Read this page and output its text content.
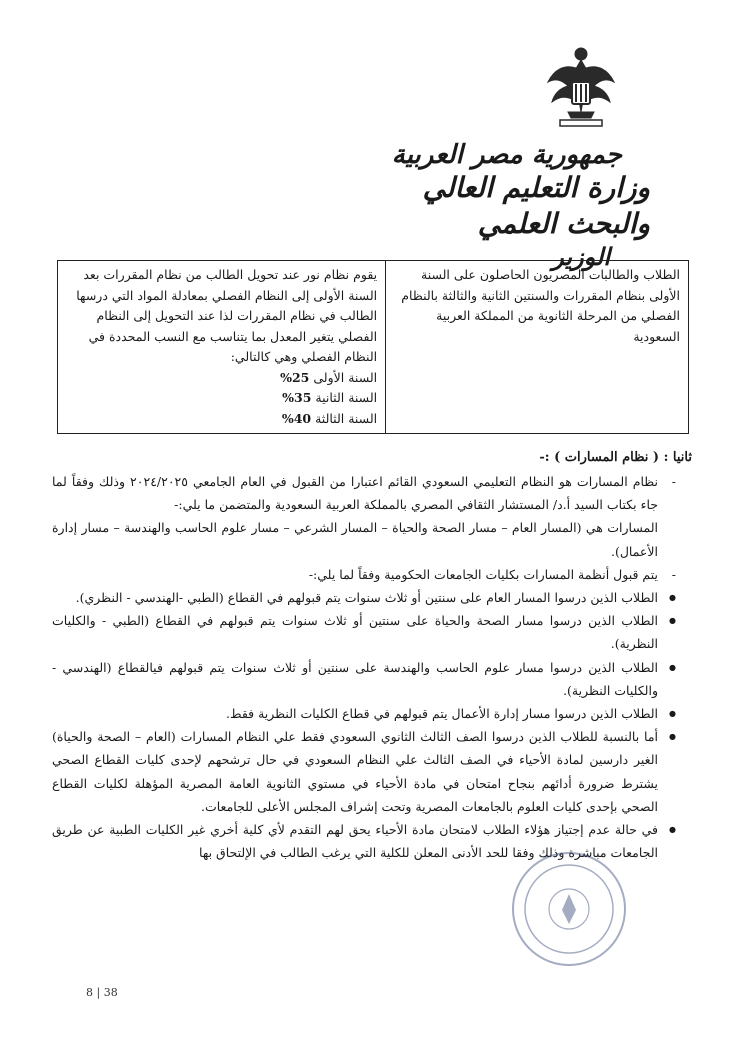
جمهورية مصر العربية
وزارة التعليم العالي والبحث العلمي
الوزير
الطلاب والطالبات المصريون الحاصلون على السنة الأولى بنظام المقررات والسنتين الثانية والثالثة بالنظام الفصلي من المرحلة الثانوية من المملكة العربية السعودية	يقوم نظام نور عند تحويل الطالب من نظام المقررات بعد السنة الأولى إلى النظام الفصلي بمعادلة المواد التي درسها الطالب في نظام المقررات لذا عند التحويل إلى النظام الفصلي يتغير المعدل بما يتناسب مع النسب المحددة في النظام الفصلي وهي كالتالي:
السنة الأولى 25%
السنة الثانية 35%
السنة الثالثة 40%
ثانيا : ( نظام المسارات ) :-
- نظام المسارات هو النظام التعليمي السعودي القائم اعتبارا من القبول في العام الجامعي ٢٠٢٤/٢٠٢٥ وذلك وفقاً لما جاء بكتاب السيد أ.د/ المستشار الثقافي المصري بالمملكة العربية السعودية والمتضمن ما يلي:-
المسارات هي (المسار العام – مسار الصحة والحياة – المسار الشرعي – مسار علوم الحاسب والهندسة – مسار إدارة الأعمال).
- يتم قبول أنظمة المسارات بكليات الجامعات الحكومية وفقاً لما يلي:-
● الطلاب الذين درسوا المسار العام على سنتين أو ثلاث سنوات يتم قبولهم في القطاع (الطبي -الهندسي - النظري).
● الطلاب الذين درسوا مسار الصحة والحياة على سنتين أو ثلاث سنوات يتم قبولهم في القطاع (الطبي - والكليات النظرية).
● الطلاب الذين درسوا مسار علوم الحاسب والهندسة على سنتين أو ثلاث سنوات يتم قبولهم فيالقطاع (الهندسي - والكليات النظرية).
● الطلاب الذين درسوا مسار إدارة الأعمال يتم قبولهم في قطاع الكليات النظرية فقط.
● أما بالنسبة للطلاب الذين درسوا الصف الثالث الثانوي السعودي فقط علي النظام المسارات (العام – الصحة والحياة) الغير دارسين لمادة الأحياء في الصف الثالث علي النظام السعودي في حال ترشحهم لإحدى كليات القطاع الصحي يشترط ضرورة أدائهم بنجاح امتحان في مادة الأحياء في مستوي الثانوية العامة المصرية المؤهلة لكليات القطاع الصحي بإحدى كليات العلوم بالجامعات المصرية وتحت إشراف المجلس الأعلى للجامعات.
● في حالة عدم إجتياز هؤلاء الطلاب لامتحان مادة الأحياء يحق لهم التقدم لأي كلية أخري غير الكليات الطبية عن طريق الجامعات مباشرة وذلك وفقا للحد الأدنى المعلن للكلية التي يرغب الطالب في الإلتحاق بها
8 | 38
